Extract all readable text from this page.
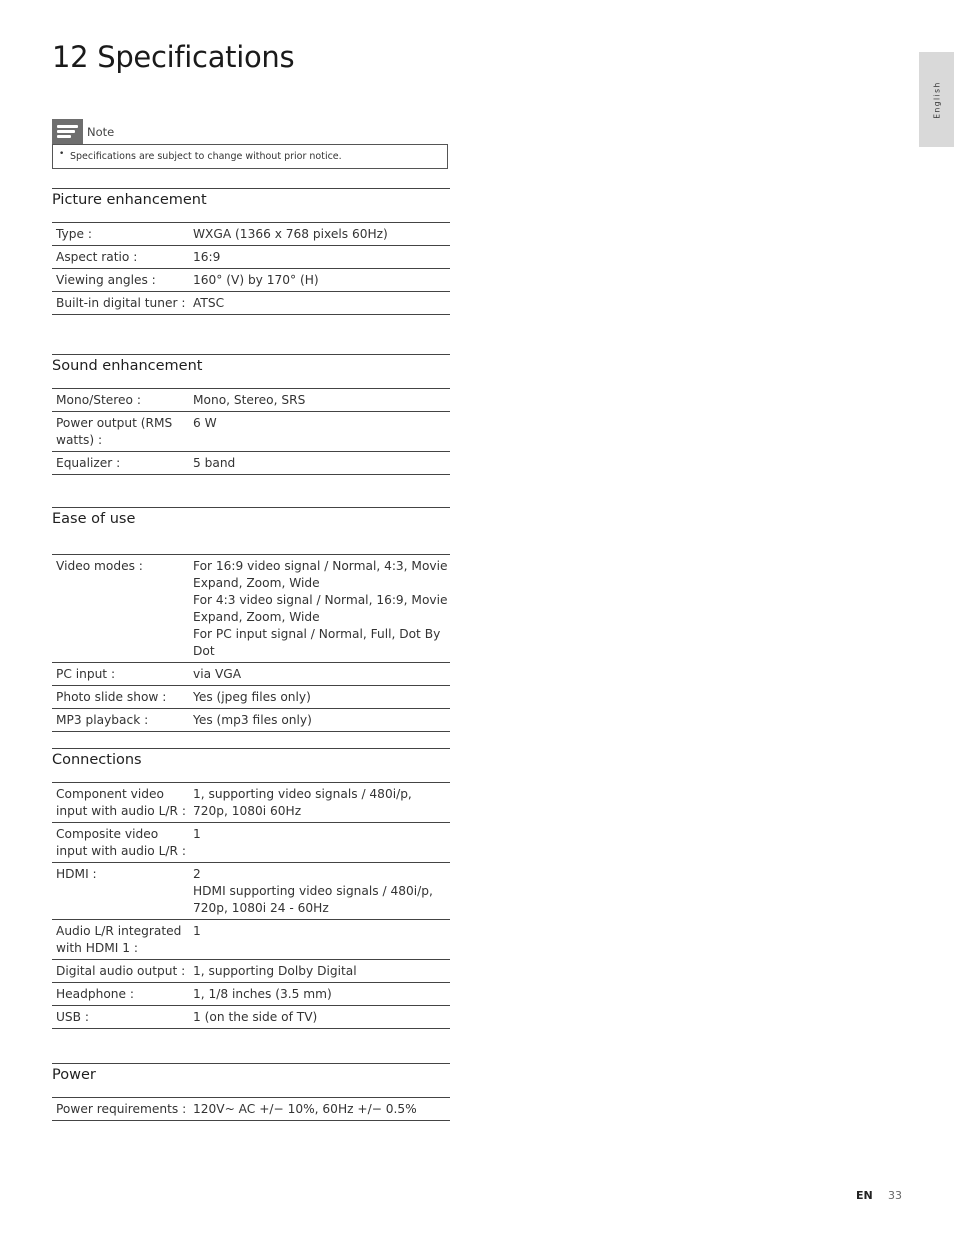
12 Specifications
English
Note
• Specifications are subject to change without prior notice.
Picture enhancement
Type :	WXGA (1366 x 768 pixels 60Hz)

Aspect ratio :	16:9

Viewing angles :	160° (V) by 170° (H)

Built-in digital tuner :	ATSC
Sound enhancement
Mono/Stereo :	Mono, Stereo, SRS

Power output (RMS watts) :	6 W

Equalizer :	5 band
Ease of use
Video modes :	For 16:9 video signal / Normal, 4:3, Movie Expand, Zoom, Wide
For 4:3 video signal / Normal, 16:9, Movie Expand, Zoom, Wide
For PC input signal / Normal, Full, Dot By Dot

PC input :	via VGA

Photo slide show :	Yes (jpeg files only)

MP3 playback :	Yes (mp3 files only)
Connections
Component video input with audio L/R :	1, supporting video signals / 480i/p, 720p, 1080i 60Hz

Composite video input with audio L/R :	1

HDMI :	2
HDMI supporting video signals / 480i/p, 720p, 1080i 24 - 60Hz

Audio L/R integrated with HDMI 1 :	1

Digital audio output :	1, supporting Dolby Digital

Headphone :	1, 1/8 inches (3.5 mm)

USB :	1 (on the side of TV)
Power
Power requirements :	120V~ AC +/− 10%, 60Hz +/− 0.5%
EN 33
